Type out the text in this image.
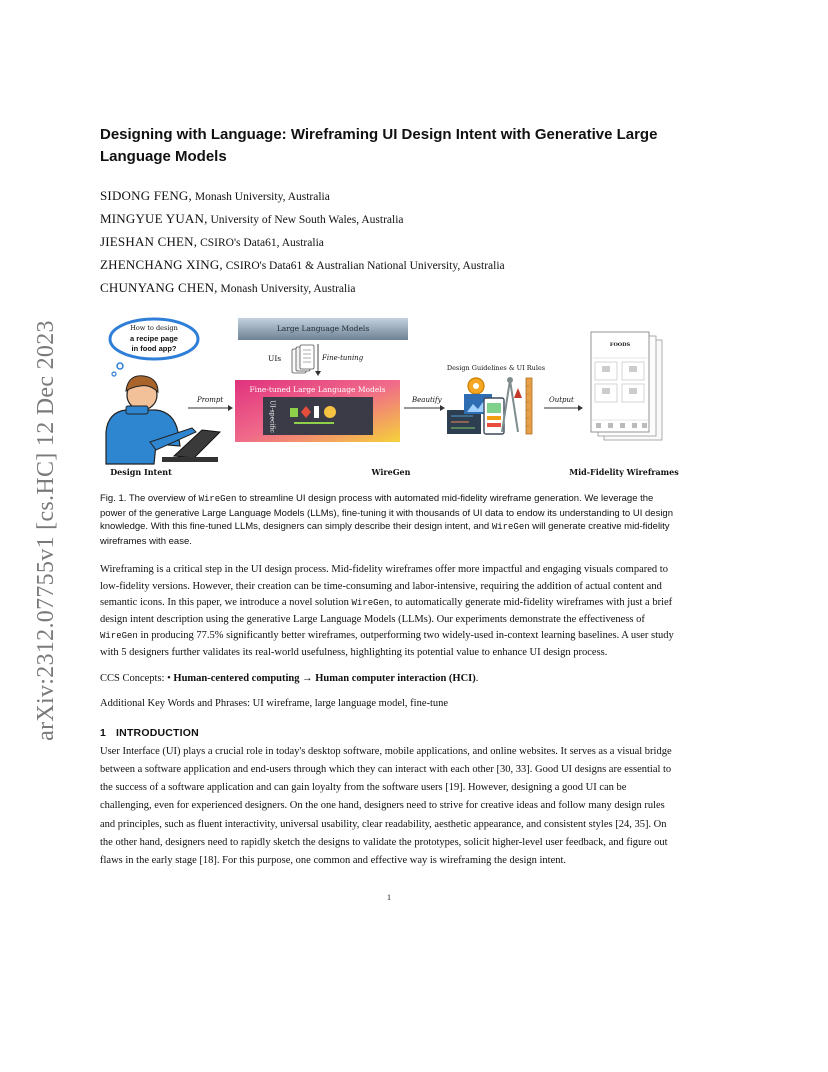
arXiv:2312.07755v1 [cs.HC] 12 Dec 2023
Designing with Language: Wireframing UI Design Intent with Generative Large Language Models

SIDONG FENG, Monash University, Australia

MINGYUE YUAN, University of New South Wales, Australia

JIESHAN CHEN, CSIRO's Data61, Australia

ZHENCHANG XING, CSIRO's Data61 & Australian National University, Australia

CHUNYANG CHEN, Monash University, Australia

How to design
a recipe page
in food app?
Large Language Models
UIs	Fine-tuning
Fine-tuned Large Language Models
UI-specific
Prompt	Beautify	Output
Design Guidelines & UI Rules
FOODS
Design Intent	WireGen	Mid-Fidelity Wireframes

Fig. 1. The overview of WireGen to streamline UI design process with automated mid-fidelity wireframe generation. We leverage the power of the generative Large Language Models (LLMs), fine-tuning it with thousands of UI data to endow its understanding to UI design knowledge. With this fine-tuned LLMs, designers can simply describe their design intent, and WireGen will generate creative mid-fidelity wireframes with ease.

Wireframing is a critical step in the UI design process. Mid-fidelity wireframes offer more impactful and engaging visuals compared to low-fidelity versions. However, their creation can be time-consuming and labor-intensive, requiring the addition of actual content and semantic icons. In this paper, we introduce a novel solution WireGen, to automatically generate mid-fidelity wireframes with just a brief design intent description using the generative Large Language Models (LLMs). Our experiments demonstrate the effectiveness of WireGen in producing 77.5% significantly better wireframes, outperforming two widely-used in-context learning baselines. A user study with 5 designers further validates its real-world usefulness, highlighting its potential value to enhance UI design process.

CCS Concepts: • Human-centered computing → Human computer interaction (HCI).

Additional Key Words and Phrases: UI wireframe, large language model, fine-tune

1 INTRODUCTION

User Interface (UI) plays a crucial role in today's desktop software, mobile applications, and online websites. It serves as a visual bridge between a software application and end-users through which they can interact with each other [30, 33]. Good UI designs are essential to the success of a software application and can gain loyalty from the software users [19]. However, designing a good UI can be challenging, even for experienced designers. On the one hand, designers need to strive for creative ideas and follow many design rules and principles, such as fluent interactivity, universal usability, clear readability, aesthetic appearance, and consistent styles [24, 35]. On the other hand, designers need to rapidly sketch the designs to validate the prototypes, solicit higher-level user feedback, and figure out flaws in the early stage [18]. For this purpose, one common and effective way is wireframing the design intent.

1
